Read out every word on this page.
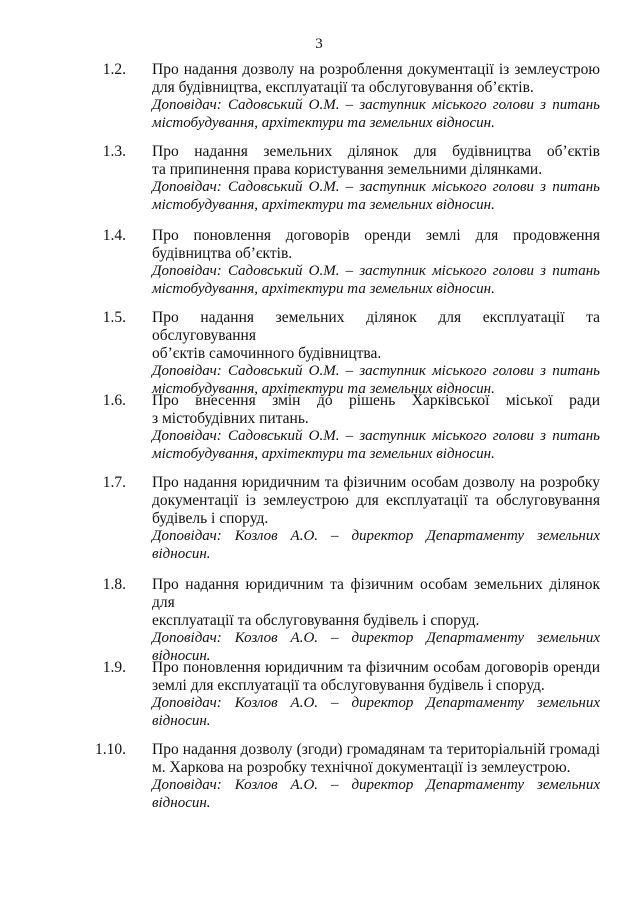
3
1.2. Про надання дозволу на розроблення документації із землеустрою

для будівництва, експлуатації та обслуговування об’єктів.

Доповідач: Садовський О.М. – заступник міського голови з питань

містобудування, архітектури та земельних відносин.

1.3. Про надання земельних ділянок для будівництва об’єктів

та припинення права користування земельними ділянками.

Доповідач: Садовський О.М. – заступник міського голови з питань

містобудування, архітектури та земельних відносин.

1.4. Про поновлення договорів оренди землі для продовження

будівництва об’єктів.

Доповідач: Садовський О.М. – заступник міського голови з питань

містобудування, архітектури та земельних відносин.

1.5. Про надання земельних ділянок для експлуатації та обслуговування

об’єктів самочинного будівництва.

Доповідач: Садовський О.М. – заступник міського голови з питань

містобудування, архітектури та земельних відносин.

1.6. Про внесення змін до рішень Харківської міської ради

з містобудівних питань.

Доповідач: Садовський О.М. – заступник міського голови з питань

містобудування, архітектури та земельних відносин.

1.7. Про надання юридичним та фізичним особам дозволу на розробку

документації із землеустрою для експлуатації та обслуговування

будівель і споруд.

Доповідач: Козлов А.О. – директор Департаменту земельних

відносин.

1.8. Про надання юридичним та фізичним особам земельних ділянок для

експлуатації та обслуговування будівель і споруд.

Доповідач: Козлов А.О. – директор Департаменту земельних

відносин.

1.9. Про поновлення юридичним та фізичним особам договорів оренди

землі для експлуатації та обслуговування будівель і споруд.

Доповідач: Козлов А.О. – директор Департаменту земельних

відносин.

1.10. Про надання дозволу (згоди) громадянам та територіальній громаді

м. Харкова на розробку технічної документації із землеустрою.

Доповідач: Козлов А.О. – директор Департаменту земельних

відносин.
